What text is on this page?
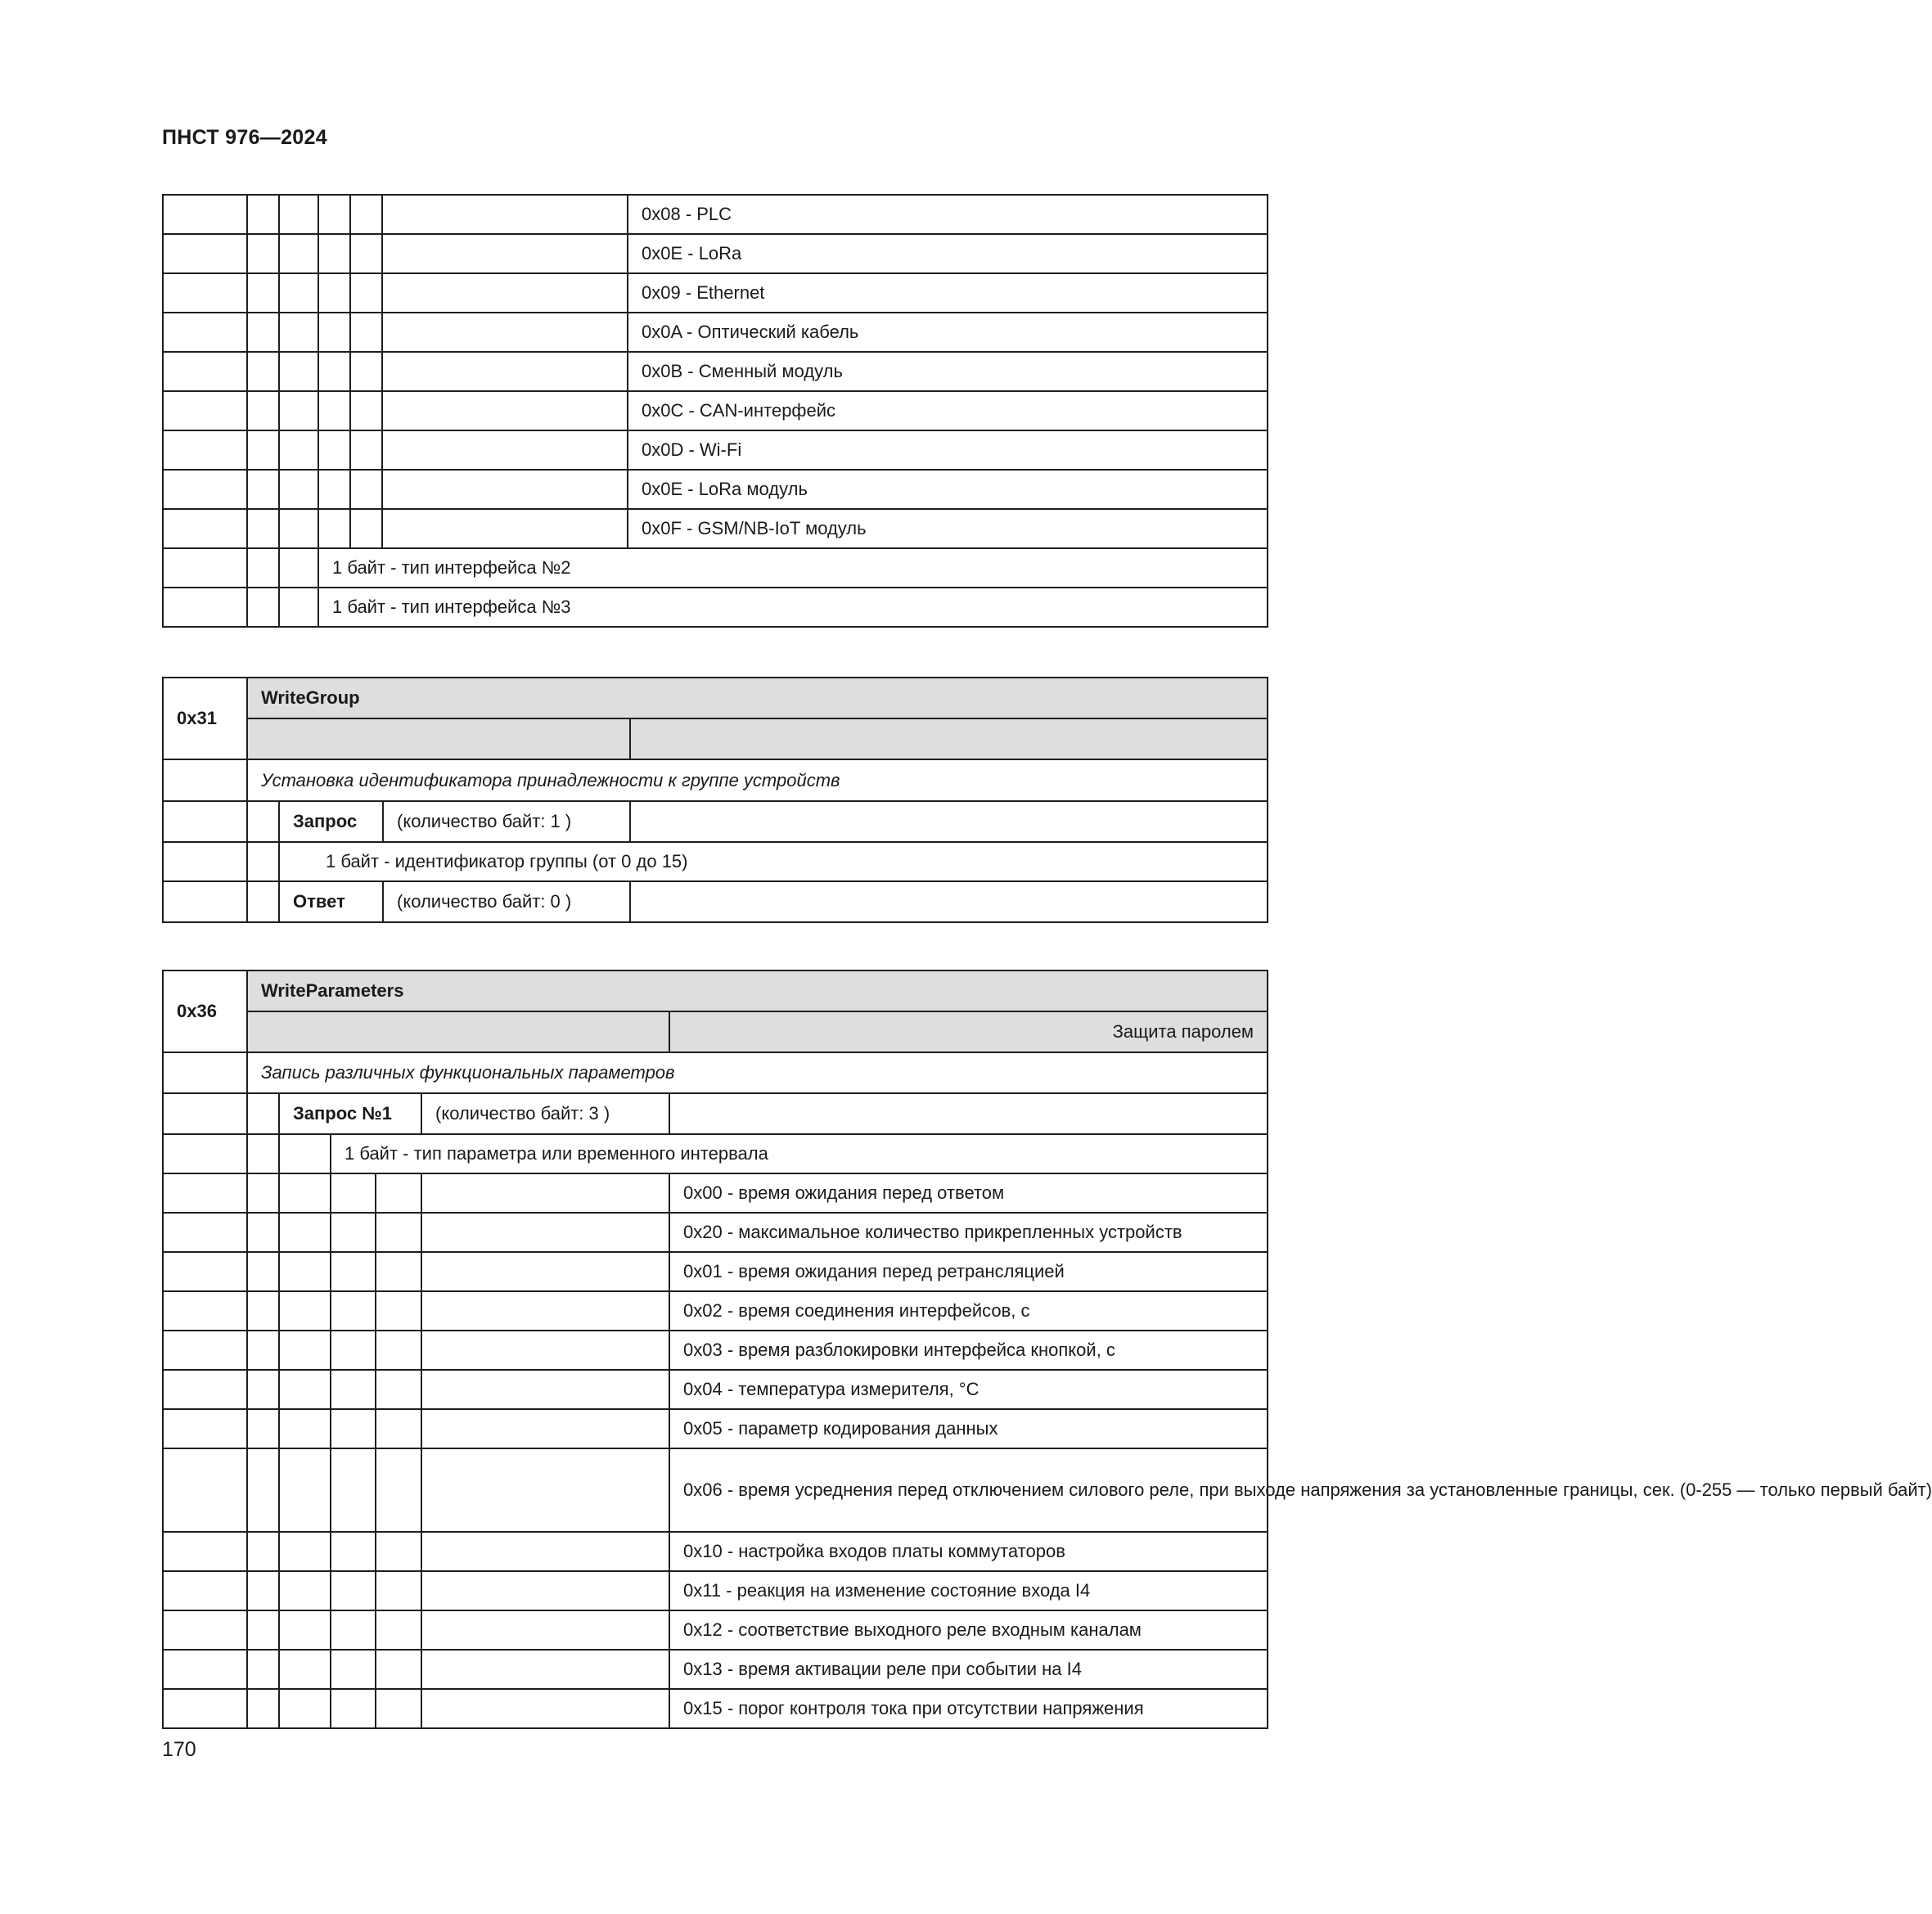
ПНСТ 976—2024
						0x08 - PLC
						0x0E - LoRa
						0x09 - Ethernet
						0x0A - Оптический кабель
						0x0B - Сменный модуль
						0x0C - CAN-интерфейс
						0x0D - Wi-Fi
						0x0E - LoRa модуль
						0x0F - GSM/NB-IoT модуль
			1 байт - тип интерфейса №2			
			1 байт - тип интерфейса №3			
0x31	WriteGroup			

	Установка идентификатора принадлежности к группе устройств			
		Запрос	(количество байт: 1 )	
		1 байт - идентификатор группы (от 0 до 15)		
		Ответ	(количество байт: 0 )	
0x36	WriteParameters					
						Защита паролем
	Запись различных функциональных параметров					
		Запрос №1			(количество байт: 3 )	
			1 байт - тип параметра или временного интервала			
						0x00 - время ожидания перед ответом
						0x20 - максимальное количество прикрепленных устройств
						0x01 - время ожидания перед ретрансляцией
						0x02 - время соединения интерфейсов, с
						0x03 - время разблокировки интерфейса кнопкой, с
						0x04 - температура измерителя, °С
						0x05 - параметр кодирования данных
						0x06 - время усреднения перед отключением силового реле, при выходе напряжения за установленные границы, сек. (0-255 — только первый байт)
						0x10 - настройка входов платы коммутаторов
						0x11 - реакция на изменение состояние входа I4
						0x12 - соответствие выходного реле входным каналам
						0x13 - время активации реле при событии на I4
						0x15 - порог контроля тока при отсутствии напряжения
170
